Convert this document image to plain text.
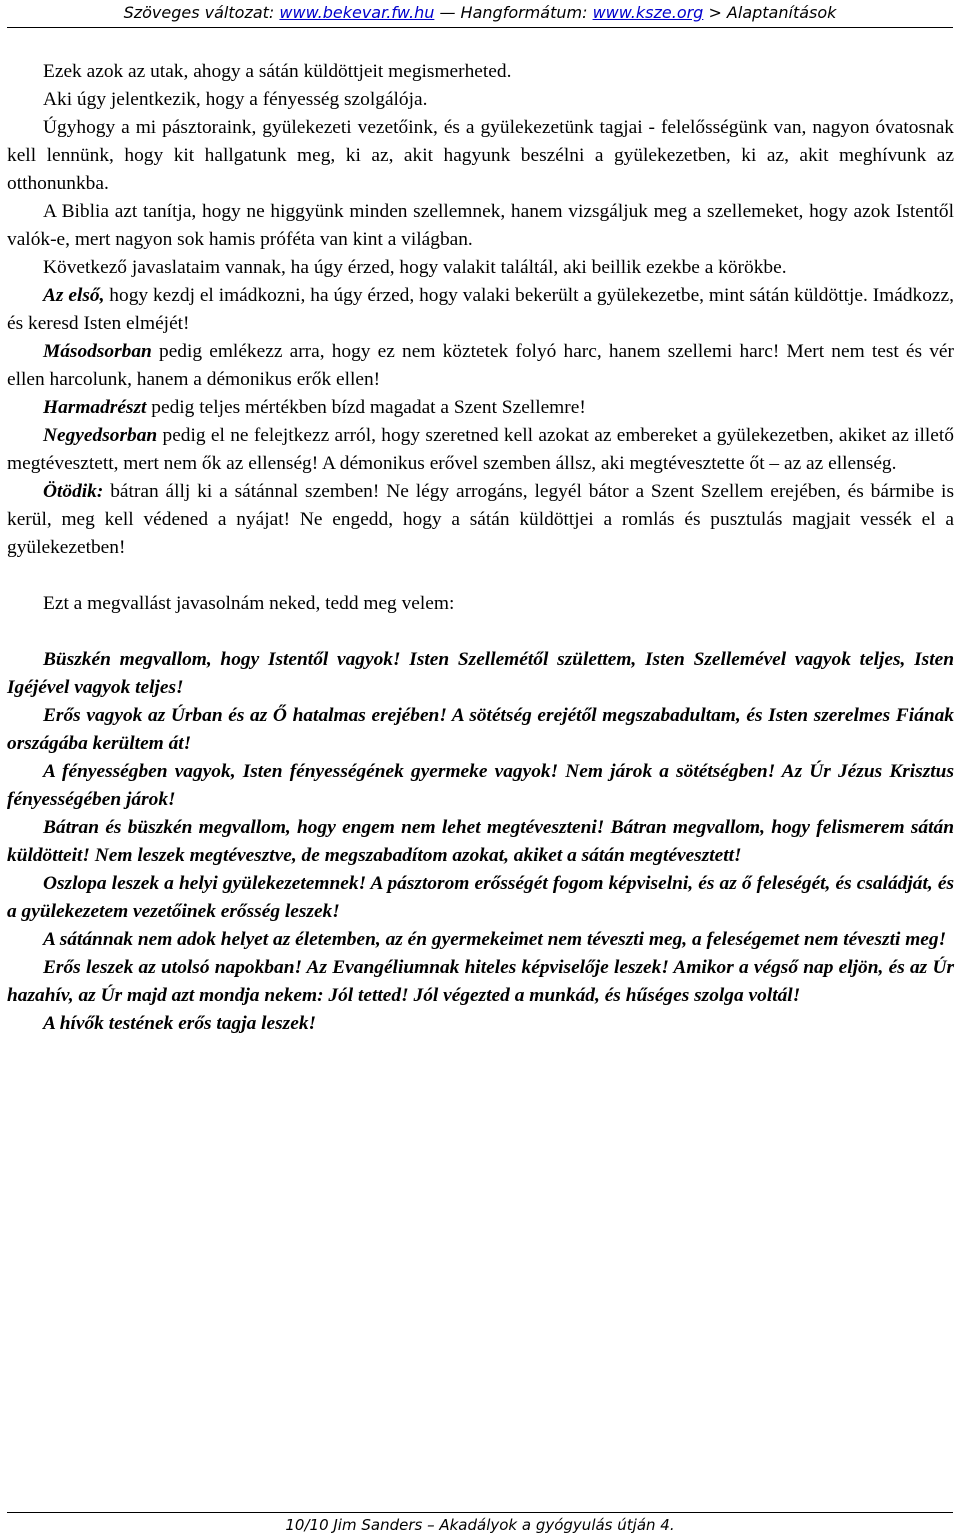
Szöveges változat: www.bekevar.fw.hu — Hangformátum: www.ksze.org > Alaptanítások

Ezek azok az utak, ahogy a sátán küldöttjeit megismerheted.

Aki úgy jelentkezik, hogy a fényesség szolgálója.

Úgyhogy a mi pásztoraink, gyülekezeti vezetőink, és a gyülekezetünk tagjai - felelősségünk van, nagyon óvatosnak kell lennünk, hogy kit hallgatunk meg, ki az, akit hagyunk beszélni a gyülekezetben, ki az, akit meghívunk az otthonunkba.

A Biblia azt tanítja, hogy ne higgyünk minden szellemnek, hanem vizsgáljuk meg a szellemeket, hogy azok Istentől valók-e, mert nagyon sok hamis próféta van kint a világban.

Következő javaslataim vannak, ha úgy érzed, hogy valakit találtál, aki beillik ezekbe a körökbe.

Az első, hogy kezdj el imádkozni, ha úgy érzed, hogy valaki bekerült a gyülekezetbe, mint sátán küldöttje. Imádkozz, és keresd Isten elméjét!

Másodsorban pedig emlékezz arra, hogy ez nem köztetek folyó harc, hanem szellemi harc! Mert nem test és vér ellen harcolunk, hanem a démonikus erők ellen!

Harmadrészt pedig teljes mértékben bízd magadat a Szent Szellemre!

Negyedsorban pedig el ne felejtkezz arról, hogy szeretned kell azokat az embereket a gyülekezetben, akiket az illető megtévesztett, mert nem ők az ellenség! A démonikus erővel szemben állsz, aki megtévesztette őt – az az ellenség.

Ötödik: bátran állj ki a sátánnal szemben! Ne légy arrogáns, legyél bátor a Szent Szellem erejében, és bármibe is kerül, meg kell védened a nyájat! Ne engedd, hogy a sátán küldöttjei a romlás és pusztulás magjait vessék el a gyülekezetben!

Ezt a megvallást javasolnám neked, tedd meg velem:

Büszkén megvallom, hogy Istentől vagyok! Isten Szellemétől születtem, Isten Szellemével vagyok teljes, Isten Igéjével vagyok teljes!

Erős vagyok az Úrban és az Ő hatalmas erejében! A sötétség erejétől megszabadultam, és Isten szerelmes Fiának országába kerültem át!

A fényességben vagyok, Isten fényességének gyermeke vagyok! Nem járok a sötétségben! Az Úr Jézus Krisztus fényességében járok!

Bátran és büszkén megvallom, hogy engem nem lehet megtéveszteni! Bátran megvallom, hogy felismerem sátán küldötteit! Nem leszek megtévesztve, de megszabadítom azokat, akiket a sátán megtévesztett!

Oszlopa leszek a helyi gyülekezetemnek! A pásztorom erősségét fogom képviselni, és az ő feleségét, és családját, és a gyülekezetem vezetőinek erősség leszek!

A sátánnak nem adok helyet az életemben, az én gyermekeimet nem téveszti meg, a feleségemet nem téveszti meg!

Erős leszek az utolsó napokban! Az Evangéliumnak hiteles képviselője leszek! Amikor a végső nap eljön, és az Úr hazahív, az Úr majd azt mondja nekem: Jól tetted! Jól végezted a munkád, és hűséges szolga voltál!

A hívők testének erős tagja leszek!

10/10 Jim Sanders – Akadályok a gyógyulás útján 4.
